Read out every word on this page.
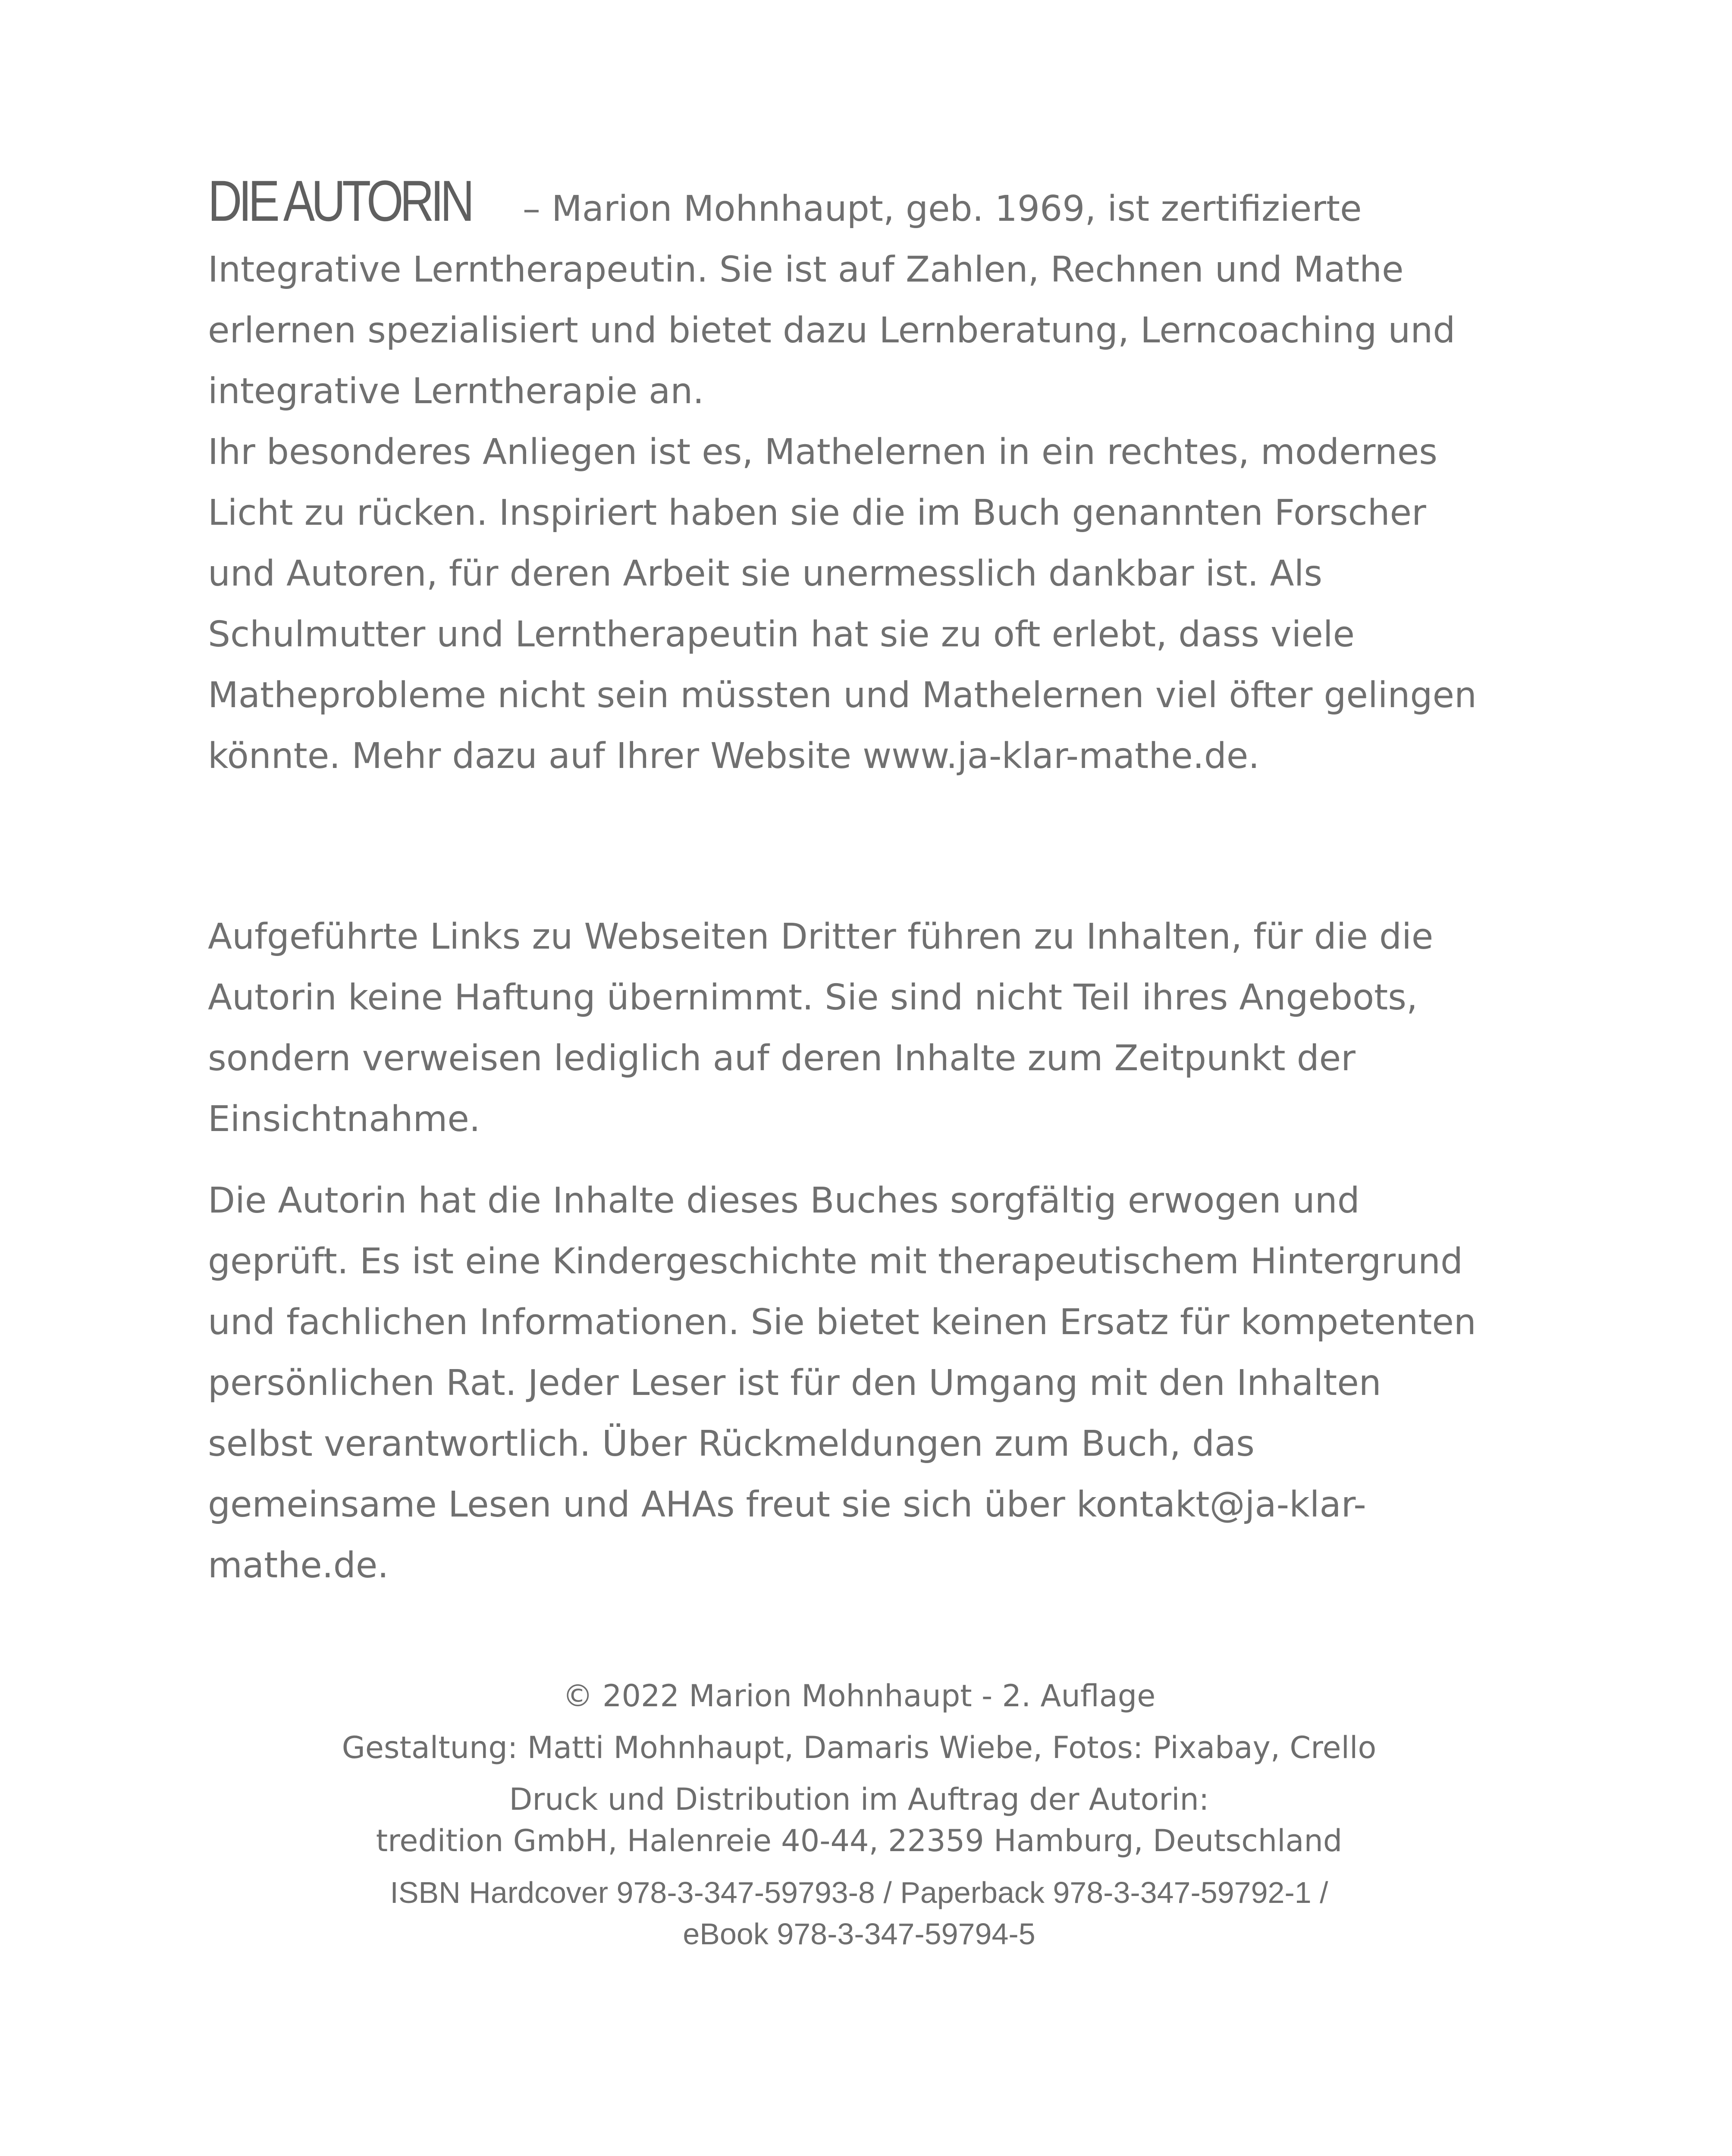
DIE AUTORIN – Marion Mohnhaupt, geb. 1969, ist zertifizierte Integrative Lerntherapeutin. Sie ist auf Zahlen, Rechnen und Mathe erlernen spezialisiert und bietet dazu Lernberatung, Lerncoaching und integrative Lerntherapie an.

Ihr besonderes Anliegen ist es, Mathelernen in ein rechtes, modernes Licht zu rücken. Inspiriert haben sie die im Buch genannten Forscher und Autoren, für deren Arbeit sie unermesslich dankbar ist. Als Schulmutter und Lerntherapeutin hat sie zu oft erlebt, dass viele Matheprobleme nicht sein müssten und Mathelernen viel öfter gelingen könnte. Mehr dazu auf Ihrer Website www.ja-klar-mathe.de.

Aufgeführte Links zu Webseiten Dritter führen zu Inhalten, für die die Autorin keine Haftung übernimmt. Sie sind nicht Teil ihres Angebots, sondern verweisen lediglich auf deren Inhalte zum Zeitpunkt der Einsichtnahme.

Die Autorin hat die Inhalte dieses Buches sorgfältig erwogen und geprüft. Es ist eine Kindergeschichte mit therapeutischem Hintergrund und fachlichen Informationen. Sie bietet keinen Ersatz für kompetenten persönlichen Rat. Jeder Leser ist für den Umgang mit den Inhalten selbst verantwortlich. Über Rückmeldungen zum Buch, das gemeinsame Lesen und AHAs freut sie sich über kontakt@ja-klar-mathe.de.

© 2022 Marion Mohnhaupt - 2. Auflage

Gestaltung: Matti Mohnhaupt, Damaris Wiebe, Fotos: Pixabay, Crello

Druck und Distribution im Auftrag der Autorin:

tredition GmbH, Halenreie 40-44, 22359 Hamburg, Deutschland

ISBN Hardcover 978-3-347-59793-8 / Paperback 978-3-347-59792-1 /

eBook 978-3-347-59794-5
